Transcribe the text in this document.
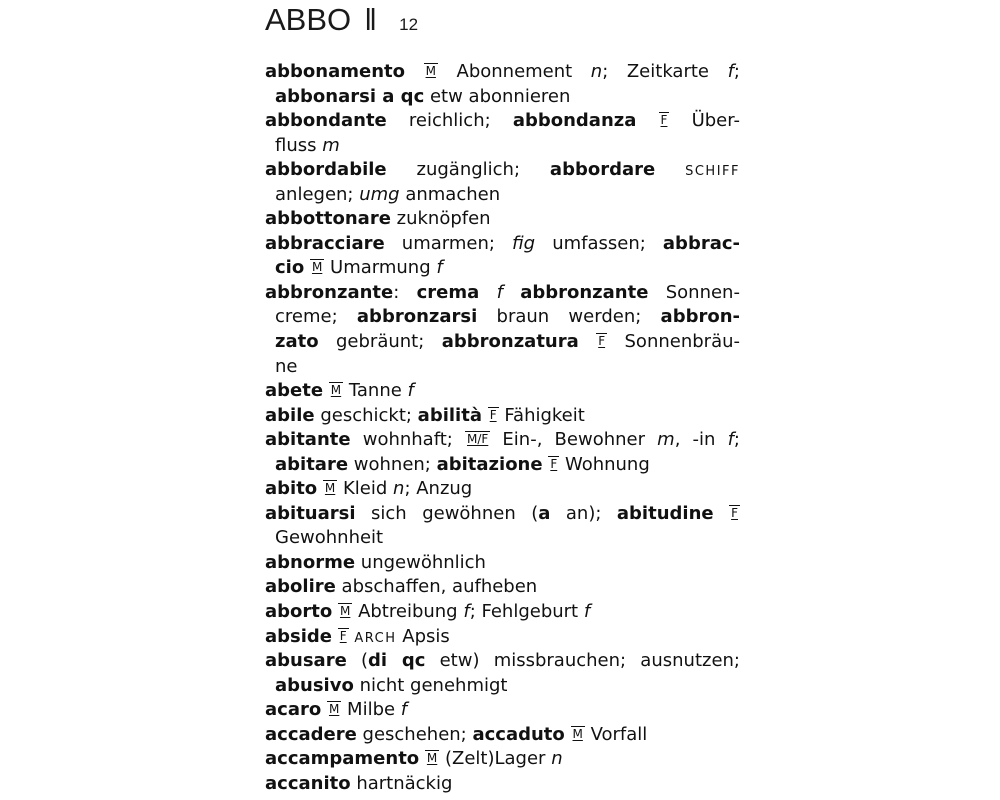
ABBO ‖ 12
abbonamento M Abonnement n; Zeitkarte f;
abbonarsi a qc etw abonnieren
abbondante reichlich; abbondanza F Über-
fluss m
abbordabile zugänglich; abbordare SCHIFF
anlegen; umg anmachen
abbottonare zuknöpfen
abbracciare umarmen; fig umfassen; abbrac-
cio M Umarmung f
abbronzante: crema f abbronzante Sonnen-
creme; abbronzarsi braun werden; abbron-
zato gebräunt; abbronzatura F Sonnenbräu-
ne
abete M Tanne f
abile geschickt; abilità F Fähigkeit
abitante wohnhaft; M/F Ein-, Bewohner m, -in f;
abitare wohnen; abitazione F Wohnung
abito M Kleid n; Anzug
abituarsi sich gewöhnen (a an); abitudine F
Gewohnheit
abnorme ungewöhnlich
abolire abschaffen, aufheben
aborto M Abtreibung f; Fehlgeburt f
abside F ARCH Apsis
abusare (di qc etw) missbrauchen; ausnutzen;
abusivo nicht genehmigt
acaro M Milbe f
accadere geschehen; accaduto M Vorfall
accampamento M (Zelt)Lager n
accanito hartnäckig
